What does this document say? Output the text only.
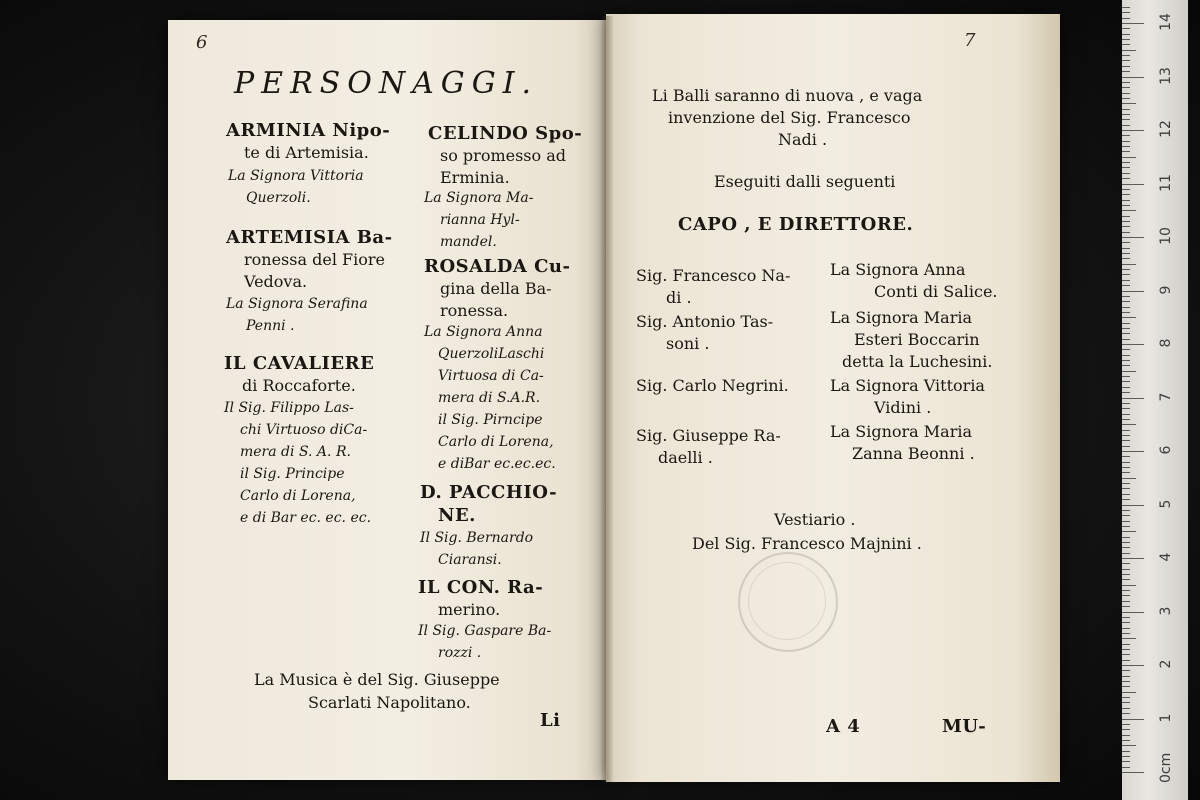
6
PERSONAGGI.
ARMINIA Nipo-
te di Artemisia.
La Signora Vittoria
Querzoli.
ARTEMISIA Ba-
ronessa del Fiore
Vedova.
La Signora Serafina
Penni .
IL CAVALIERE
di Roccaforte.
Il Sig. Filippo Las-
chi Virtuoso diCa-
mera di S. A. R.
il Sig. Principe
Carlo di Lorena,
e di Bar ec. ec. ec.
CELINDO Spo-
so promesso ad
Erminia.
La Signora Ma-
rianna Hyl-
mandel.
ROSALDA Cu-
gina della Ba-
ronessa.
La Signora Anna
QuerzoliLaschi
Virtuosa di Ca-
mera di S.A.R.
il Sig. Pirncipe
Carlo di Lorena,
e diBar ec.ec.ec.
D. PACCHIO-
NE.
Il Sig. Bernardo
Ciaransi.
IL CON. Ra-
merino.
Il Sig. Gaspare Ba-
rozzi .
La Musica è del Sig. Giuseppe
Scarlati Napolitano.
Li
7
Li Balli saranno di nuova , e vaga
invenzione del Sig. Francesco
Nadi .
Eseguiti dalli seguenti
CAPO , E DIRETTORE.
Sig. Francesco Na-
di .
Sig. Antonio Tas-
soni .
Sig. Carlo Negrini.
Sig. Giuseppe Ra-
daelli .
La Signora Anna
Conti di Salice.
La Signora Maria
Esteri Boccarin
detta la Luchesini.
La Signora Vittoria
Vidini .
La Signora Maria
Zanna Beonni .
Vestiario .
Del Sig. Francesco Majnini .
A 4	MU-
0cm
1
2
3
4
5
6
7
8
9
10
11
12
13
14
